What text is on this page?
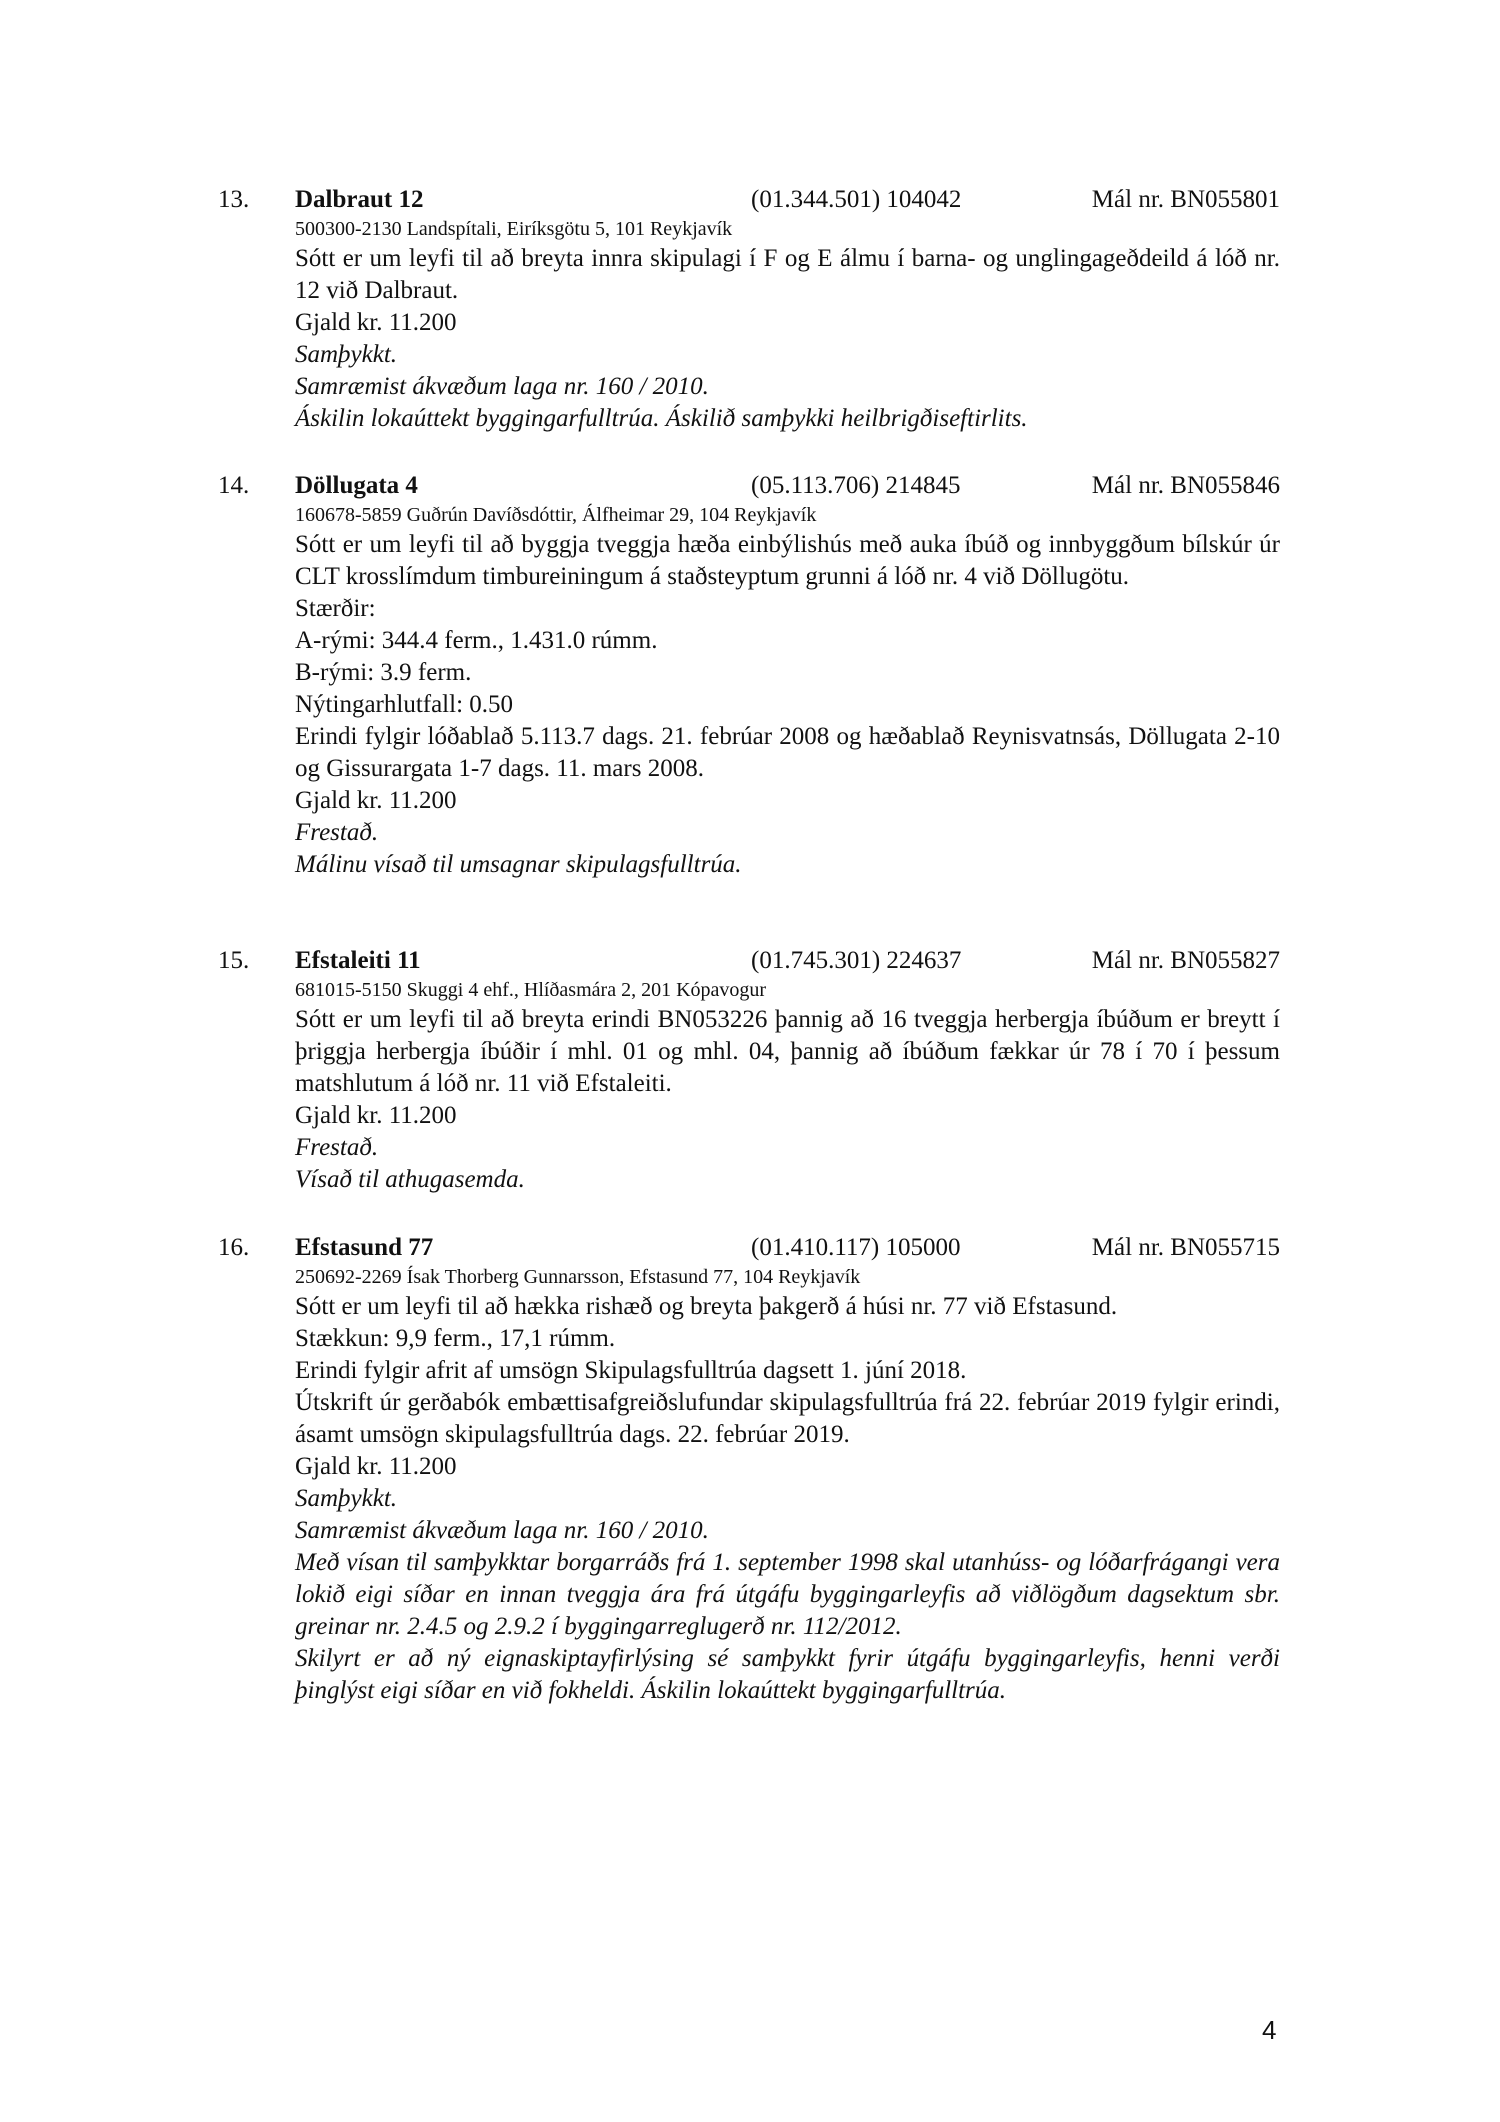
13. Dalbraut 12	(01.344.501) 104042	Mál nr. BN055801
500300-2130 Landspítali, Eiríksgötu 5, 101 Reykjavík
Sótt er um leyfi til að breyta innra skipulagi í F og E álmu í barna- og unglingageðdeild á lóð nr. 12 við Dalbraut.
Gjald kr. 11.200
Samþykkt.
Samræmist ákvæðum laga nr. 160 / 2010.
Áskilin lokaúttekt byggingarfulltrúa. Áskilið samþykki heilbrigðiseftirlits.
14. Döllugata 4	(05.113.706) 214845	Mál nr. BN055846
160678-5859 Guðrún Davíðsdóttir, Álfheimar 29, 104 Reykjavík
Sótt er um leyfi til að byggja tveggja hæða einbýlishús með auka íbúð og innbyggðum bílskúr úr CLT krosslímdum timbureiningum á staðsteyptum grunni á lóð nr. 4 við Döllugötu.
Stærðir:
A-rými: 344.4 ferm., 1.431.0 rúmm.
B-rými: 3.9 ferm.
Nýtingarhlutfall: 0.50
Erindi fylgir lóðablað 5.113.7 dags. 21. febrúar 2008 og hæðablað Reynisvatnsás, Döllugata 2-10 og Gissurargata 1-7 dags. 11. mars 2008.
Gjald kr. 11.200
Frestað.
Málinu vísað til umsagnar skipulagsfulltrúa.
15. Efstaleiti 11	(01.745.301) 224637	Mál nr. BN055827
681015-5150 Skuggi 4 ehf., Hlíðasmára 2, 201 Kópavogur
Sótt er um leyfi til að breyta erindi BN053226 þannig að 16 tveggja herbergja íbúðum er breytt í þriggja herbergja íbúðir í mhl. 01 og mhl. 04, þannig að íbúðum fækkar úr 78 í 70 í þessum matshlutum á lóð nr. 11 við Efstaleiti.
Gjald kr. 11.200
Frestað.
Vísað til athugasemda.
16. Efstasund 77	(01.410.117) 105000	Mál nr. BN055715
250692-2269 Ísak Thorberg Gunnarsson, Efstasund 77, 104 Reykjavík
Sótt er um leyfi til að hækka rishæð og breyta þakgerð á húsi nr. 77 við Efstasund.
Stækkun: 9,9 ferm., 17,1 rúmm.
Erindi fylgir afrit af umsögn Skipulagsfulltrúa dagsett 1. júní 2018.
Útskrift úr gerðabók embættisafgreiðslufundar skipulagsfulltrúa frá 22. febrúar 2019 fylgir erindi, ásamt umsögn skipulagsfulltrúa dags. 22. febrúar 2019.
Gjald kr. 11.200
Samþykkt.
Samræmist ákvæðum laga nr. 160 / 2010.
Með vísan til samþykktar borgarráðs frá 1. september 1998 skal utanhúss- og lóðarfrágangi vera lokið eigi síðar en innan tveggja ára frá útgáfu byggingarleyfis að viðlögðum dagsektum sbr. greinar nr. 2.4.5 og 2.9.2 í byggingarreglugerð nr. 112/2012.
Skilyrt er að ný eignaskiptayfirlýsing sé samþykkt fyrir útgáfu byggingarleyfis, henni verði þinglýst eigi síðar en við fokheldi. Áskilin lokaúttekt byggingarfulltrúa.
4
